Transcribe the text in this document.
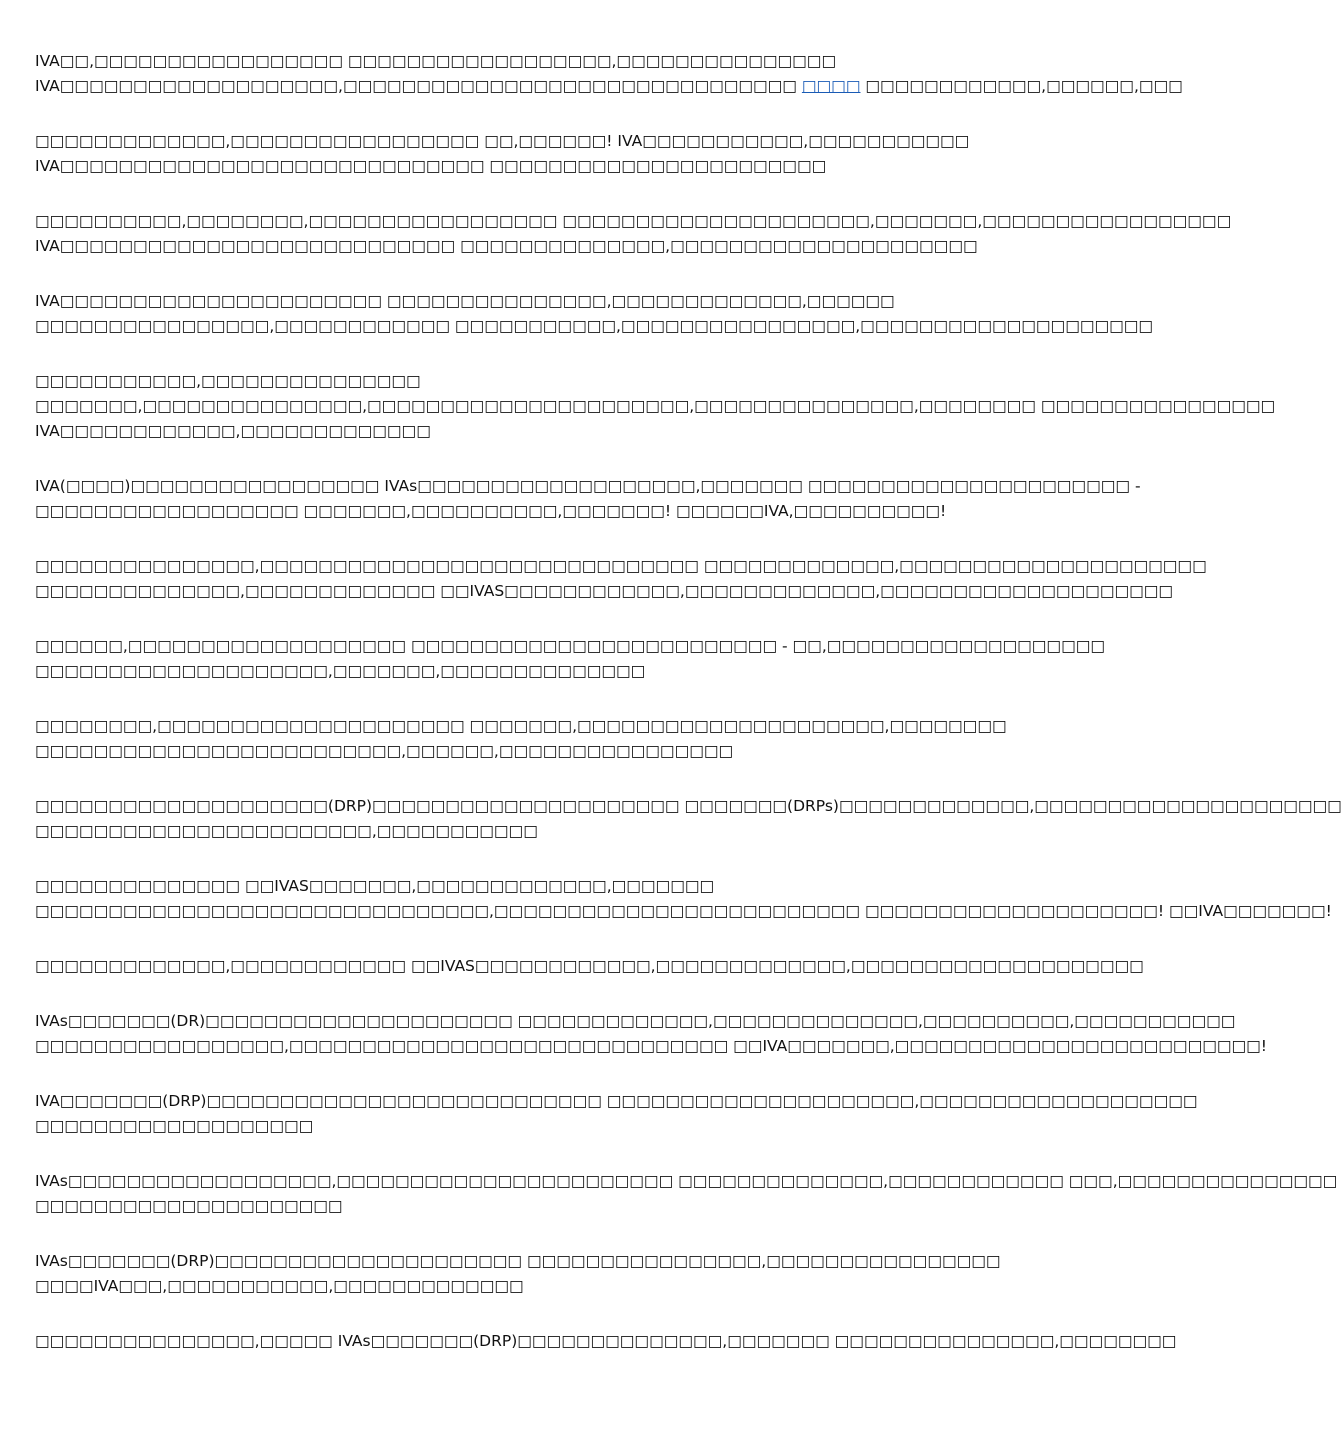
IVA□□,□□□□□□□□□□□□□□□□□ □□□□□□□□□□□□□□□□□□,□□□□□□□□□□□□□□□
IVA□□□□□□□□□□□□□□□□□□□,□□□□□□□□□□□□□□□□□□□□□□□□□□□□□□□ □□□□ □□□□□□□□□□□□,□□□□□□,□□□
□□□□□□□□□□□□□,□□□□□□□□□□□□□□□□□ □□,□□□□□□! IVA□□□□□□□□□□□,□□□□□□□□□□□
IVA□□□□□□□□□□□□□□□□□□□□□□□□□□□□□ □□□□□□□□□□□□□□□□□□□□□□□
□□□□□□□□□□,□□□□□□□□,□□□□□□□□□□□□□□□□□ □□□□□□□□□□□□□□□□□□□□□,□□□□□□□,□□□□□□□□□□□□□□□□□
IVA□□□□□□□□□□□□□□□□□□□□□□□□□□□ □□□□□□□□□□□□□□,□□□□□□□□□□□□□□□□□□□□□
IVA□□□□□□□□□□□□□□□□□□□□□□ □□□□□□□□□□□□□□□,□□□□□□□□□□□□□,□□□□□□
□□□□□□□□□□□□□□□□,□□□□□□□□□□□□ □□□□□□□□□□□,□□□□□□□□□□□□□□□□,□□□□□□□□□□□□□□□□□□□□
□□□□□□□□□□□,□□□□□□□□□□□□□□□
□□□□□□□,□□□□□□□□□□□□□□□,□□□□□□□□□□□□□□□□□□□□□□,□□□□□□□□□□□□□□□,□□□□□□□□ □□□□□□□□□□□□□□□□
IVA□□□□□□□□□□□□,□□□□□□□□□□□□□
IVA(□□□□)□□□□□□□□□□□□□□□□□ IVAs□□□□□□□□□□□□□□□□□□□,□□□□□□□ □□□□□□□□□□□□□□□□□□□□□□ -
□□□□□□□□□□□□□□□□□□ □□□□□□□,□□□□□□□□□□,□□□□□□□! □□□□□□IVA,□□□□□□□□□□!
□□□□□□□□□□□□□□□,□□□□□□□□□□□□□□□□□□□□□□□□□□□□□□ □□□□□□□□□□□□□,□□□□□□□□□□□□□□□□□□□□□
□□□□□□□□□□□□□□,□□□□□□□□□□□□□ □□IVAS□□□□□□□□□□□□,□□□□□□□□□□□□□,□□□□□□□□□□□□□□□□□□□□
□□□□□□,□□□□□□□□□□□□□□□□□□□ □□□□□□□□□□□□□□□□□□□□□□□□□ - □□,□□□□□□□□□□□□□□□□□□□
□□□□□□□□□□□□□□□□□□□□,□□□□□□□,□□□□□□□□□□□□□□
□□□□□□□□,□□□□□□□□□□□□□□□□□□□□□ □□□□□□□,□□□□□□□□□□□□□□□□□□□□□,□□□□□□□□
□□□□□□□□□□□□□□□□□□□□□□□□□,□□□□□□,□□□□□□□□□□□□□□□□
□□□□□□□□□□□□□□□□□□□□(DRP)□□□□□□□□□□□□□□□□□□□□□ □□□□□□□(DRPs)□□□□□□□□□□□□□,□□□□□□□□□□□□□□□□□□□□□
□□□□□□□□□□□□□□□□□□□□□□□,□□□□□□□□□□□
□□□□□□□□□□□□□□ □□IVAS□□□□□□□,□□□□□□□□□□□□□,□□□□□□□
□□□□□□□□□□□□□□□□□□□□□□□□□□□□□□□,□□□□□□□□□□□□□□□□□□□□□□□□□ □□□□□□□□□□□□□□□□□□□□! □□IVA□□□□□□□!
□□□□□□□□□□□□□,□□□□□□□□□□□□ □□IVAS□□□□□□□□□□□□,□□□□□□□□□□□□□,□□□□□□□□□□□□□□□□□□□□
IVAs□□□□□□□(DR)□□□□□□□□□□□□□□□□□□□□□ □□□□□□□□□□□□□,□□□□□□□□□□□□□□,□□□□□□□□□□,□□□□□□□□□□□
□□□□□□□□□□□□□□□□□,□□□□□□□□□□□□□□□□□□□□□□□□□□□□□□ □□IVA□□□□□□□,□□□□□□□□□□□□□□□□□□□□□□□□□!
IVA□□□□□□□(DRP)□□□□□□□□□□□□□□□□□□□□□□□□□□□ □□□□□□□□□□□□□□□□□□□□□,□□□□□□□□□□□□□□□□□□□
□□□□□□□□□□□□□□□□□□□
IVAs□□□□□□□□□□□□□□□□□□,□□□□□□□□□□□□□□□□□□□□□□□ □□□□□□□□□□□□□□,□□□□□□□□□□□□ □□□,□□□□□□□□□□□□□□□
□□□□□□□□□□□□□□□□□□□□□
IVAs□□□□□□□(DRP)□□□□□□□□□□□□□□□□□□□□□ □□□□□□□□□□□□□□□□,□□□□□□□□□□□□□□□□
□□□□IVA□□□,□□□□□□□□□□□,□□□□□□□□□□□□□
□□□□□□□□□□□□□□□,□□□□□ IVAs□□□□□□□(DRP)□□□□□□□□□□□□□□,□□□□□□□ □□□□□□□□□□□□□□□,□□□□□□□□
